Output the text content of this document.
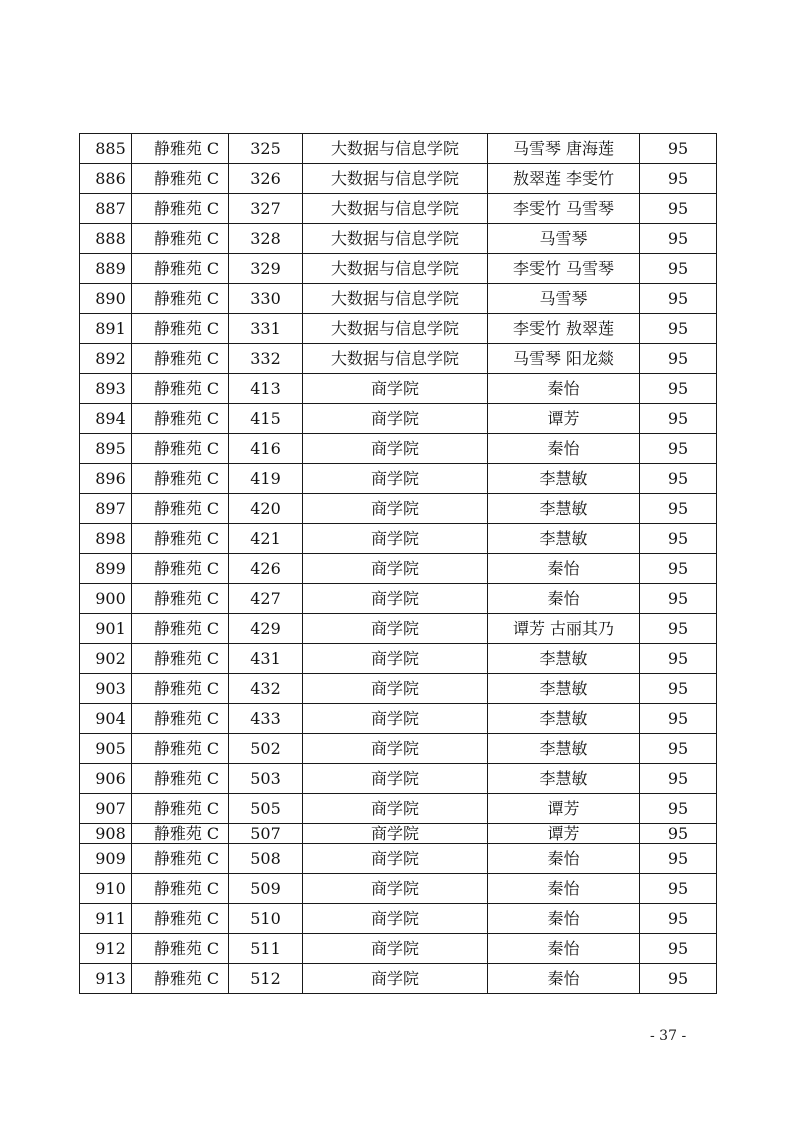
885	静雅苑 C	325	大数据与信息学院	马雪琴 唐海莲	95
886	静雅苑 C	326	大数据与信息学院	敖翠莲 李雯竹	95
887	静雅苑 C	327	大数据与信息学院	李雯竹 马雪琴	95
888	静雅苑 C	328	大数据与信息学院	马雪琴	95
889	静雅苑 C	329	大数据与信息学院	李雯竹 马雪琴	95
890	静雅苑 C	330	大数据与信息学院	马雪琴	95
891	静雅苑 C	331	大数据与信息学院	李雯竹 敖翠莲	95
892	静雅苑 C	332	大数据与信息学院	马雪琴 阳龙燚	95
893	静雅苑 C	413	商学院	秦怡	95
894	静雅苑 C	415	商学院	谭芳	95
895	静雅苑 C	416	商学院	秦怡	95
896	静雅苑 C	419	商学院	李慧敏	95
897	静雅苑 C	420	商学院	李慧敏	95
898	静雅苑 C	421	商学院	李慧敏	95
899	静雅苑 C	426	商学院	秦怡	95
900	静雅苑 C	427	商学院	秦怡	95
901	静雅苑 C	429	商学院	谭芳 古丽其乃	95
902	静雅苑 C	431	商学院	李慧敏	95
903	静雅苑 C	432	商学院	李慧敏	95
904	静雅苑 C	433	商学院	李慧敏	95
905	静雅苑 C	502	商学院	李慧敏	95
906	静雅苑 C	503	商学院	李慧敏	95
907	静雅苑 C	505	商学院	谭芳	95
908	静雅苑 C	507	商学院	谭芳	95
909	静雅苑 C	508	商学院	秦怡	95
910	静雅苑 C	509	商学院	秦怡	95
911	静雅苑 C	510	商学院	秦怡	95
912	静雅苑 C	511	商学院	秦怡	95
913	静雅苑 C	512	商学院	秦怡	95
- 37 -
